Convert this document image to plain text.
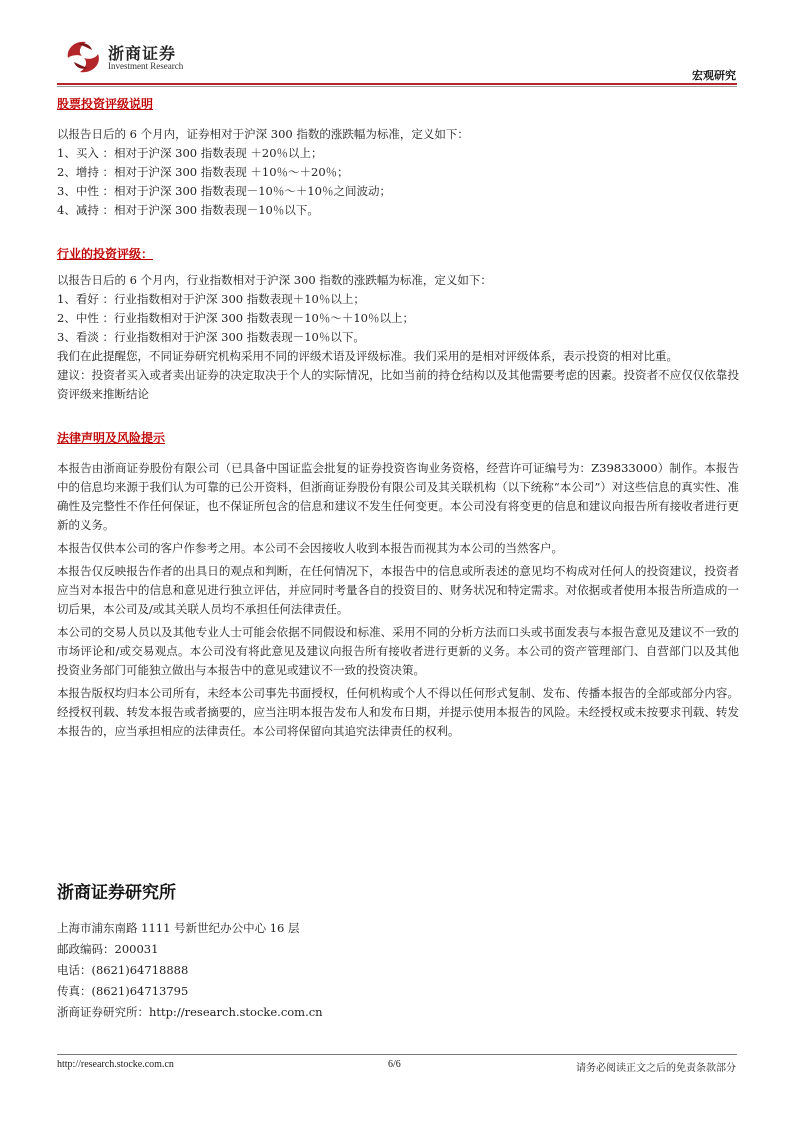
浙商证券
Investment Research
宏观研究
股票投资评级说明

以报告日后的 6 个月内，证券相对于沪深 300 指数的涨跌幅为标准，定义如下：

1、买入 ：相对于沪深 300 指数表现 ＋20％以上；

2、增持 ：相对于沪深 300 指数表现 ＋10％～＋20％；

3、中性 ：相对于沪深 300 指数表现－10％～＋10％之间波动；

4、减持 ：相对于沪深 300 指数表现－10％以下。

行业的投资评级：

以报告日后的 6 个月内，行业指数相对于沪深 300 指数的涨跌幅为标准，定义如下：

1、看好 ：行业指数相对于沪深 300 指数表现＋10％以上；

2、中性 ：行业指数相对于沪深 300 指数表现－10％～＋10％以上；

3、看淡 ：行业指数相对于沪深 300 指数表现－10％以下。

我们在此提醒您，不同证券研究机构采用不同的评级术语及评级标准。我们采用的是相对评级体系，表示投资的相对比重。

建议：投资者买入或者卖出证券的决定取决于个人的实际情况，比如当前的持仓结构以及其他需要考虑的因素。投资者不应仅仅依靠投资评级来推断结论

法律声明及风险提示

本报告由浙商证券股份有限公司（已具备中国证监会批复的证券投资咨询业务资格，经营许可证编号为：Z39833000）制作。本报告中的信息均来源于我们认为可靠的已公开资料，但浙商证券股份有限公司及其关联机构（以下统称“本公司”）对这些信息的真实性、准确性及完整性不作任何保证，也不保证所包含的信息和建议不发生任何变更。本公司没有将变更的信息和建议向报告所有接收者进行更新的义务。

本报告仅供本公司的客户作参考之用。本公司不会因接收人收到本报告而视其为本公司的当然客户。

本报告仅反映报告作者的出具日的观点和判断，在任何情况下，本报告中的信息或所表述的意见均不构成对任何人的投资建议，投资者应当对本报告中的信息和意见进行独立评估，并应同时考量各自的投资目的、财务状况和特定需求。对依据或者使用本报告所造成的一切后果，本公司及/或其关联人员均不承担任何法律责任。

本公司的交易人员以及其他专业人士可能会依据不同假设和标准、采用不同的分析方法而口头或书面发表与本报告意见及建议不一致的市场评论和/或交易观点。本公司没有将此意见及建议向报告所有接收者进行更新的义务。本公司的资产管理部门、自营部门以及其他投资业务部门可能独立做出与本报告中的意见或建议不一致的投资决策。

本报告版权均归本公司所有，未经本公司事先书面授权，任何机构或个人不得以任何形式复制、发布、传播本报告的全部或部分内容。经授权刊载、转发本报告或者摘要的，应当注明本报告发布人和发布日期，并提示使用本报告的风险。未经授权或未按要求刊载、转发本报告的，应当承担相应的法律责任。本公司将保留向其追究法律责任的权利。

浙商证券研究所
上海市浦东南路 1111 号新世纪办公中心 16 层
邮政编码：200031
电话：(8621)64718888
传真：(8621)64713795
浙商证券研究所：http://research.stocke.com.cn
http://research.stocke.com.cn	6/6	请务必阅读正文之后的免责条款部分
